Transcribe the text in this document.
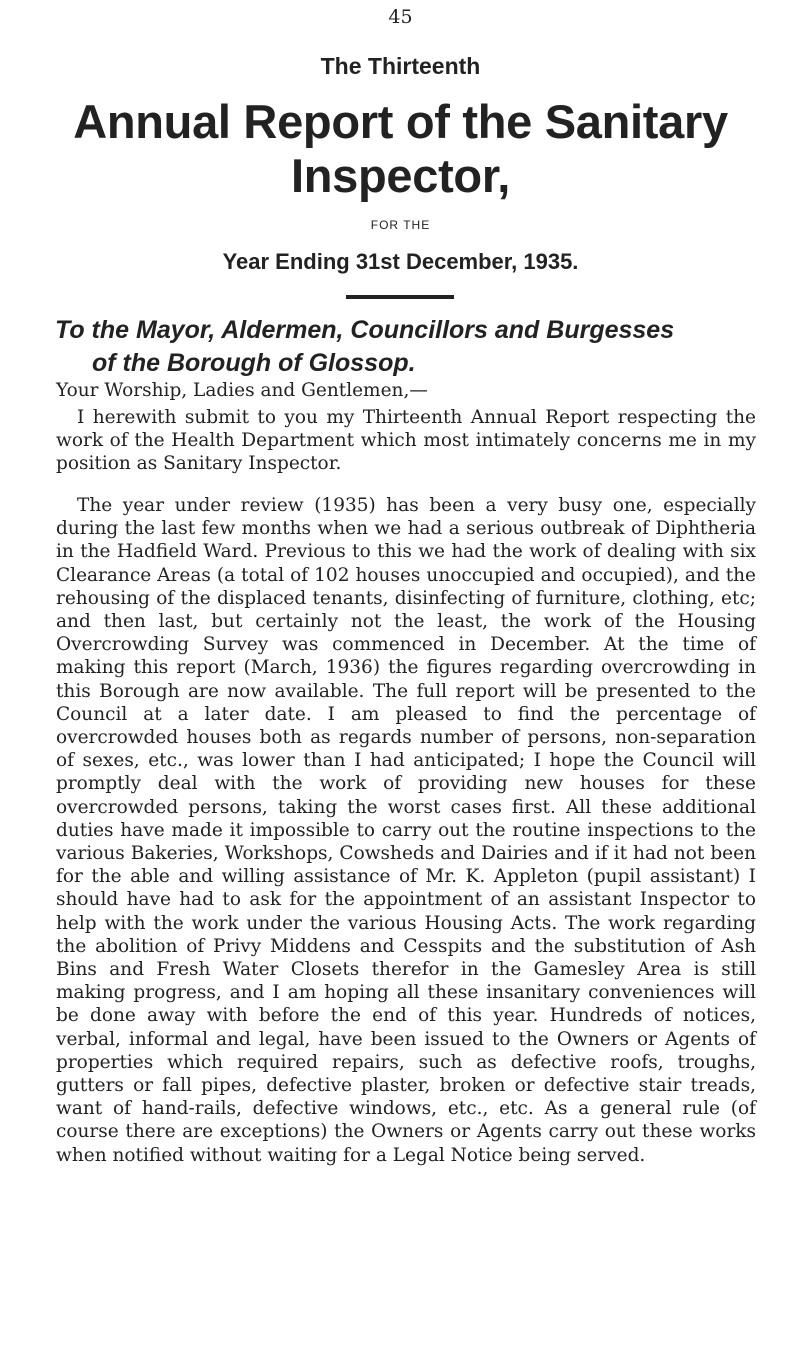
45
The Thirteenth
Annual Report of the Sanitary
Inspector,
FOR THE
Year Ending 31st December, 1935.
To the Mayor, Aldermen, Councillors and Burgesses
of the Borough of Glossop.
Your Worship, Ladies and Gentlemen,—

I herewith submit to you my Thirteenth Annual Report respecting the work of the Health Department which most intimately concerns me in my position as Sanitary Inspector.

The year under review (1935) has been a very busy one, especially during the last few months when we had a serious outbreak of Diphtheria in the Hadfield Ward. Previous to this we had the work of dealing with six Clearance Areas (a total of 102 houses unoccupied and occupied), and the rehousing of the displaced tenants, disinfecting of furniture, clothing, etc; and then last, but certainly not the least, the work of the Housing Overcrowding Survey was commenced in December. At the time of making this report (March, 1936) the figures regarding overcrowding in this Borough are now available. The full report will be presented to the Council at a later date. I am pleased to find the percentage of overcrowded houses both as regards number of persons, non-separation of sexes, etc., was lower than I had anticipated; I hope the Council will promptly deal with the work of providing new houses for these overcrowded persons, taking the worst cases first. All these additional duties have made it impossible to carry out the routine inspections to the various Bakeries, Workshops, Cowsheds and Dairies and if it had not been for the able and willing assistance of Mr. K. Appleton (pupil assistant) I should have had to ask for the appointment of an assistant Inspector to help with the work under the various Housing Acts. The work regarding the abolition of Privy Middens and Cesspits and the substitution of Ash Bins and Fresh Water Closets therefor in the Gamesley Area is still making progress, and I am hoping all these insanitary conveniences will be done away with before the end of this year. Hundreds of notices, verbal, informal and legal, have been issued to the Owners or Agents of properties which required repairs, such as defective roofs, troughs, gutters or fall pipes, defective plaster, broken or defective stair treads, want of hand-rails, defective windows, etc., etc. As a general rule (of course there are exceptions) the Owners or Agents carry out these works when notified without waiting for a Legal Notice being served.
